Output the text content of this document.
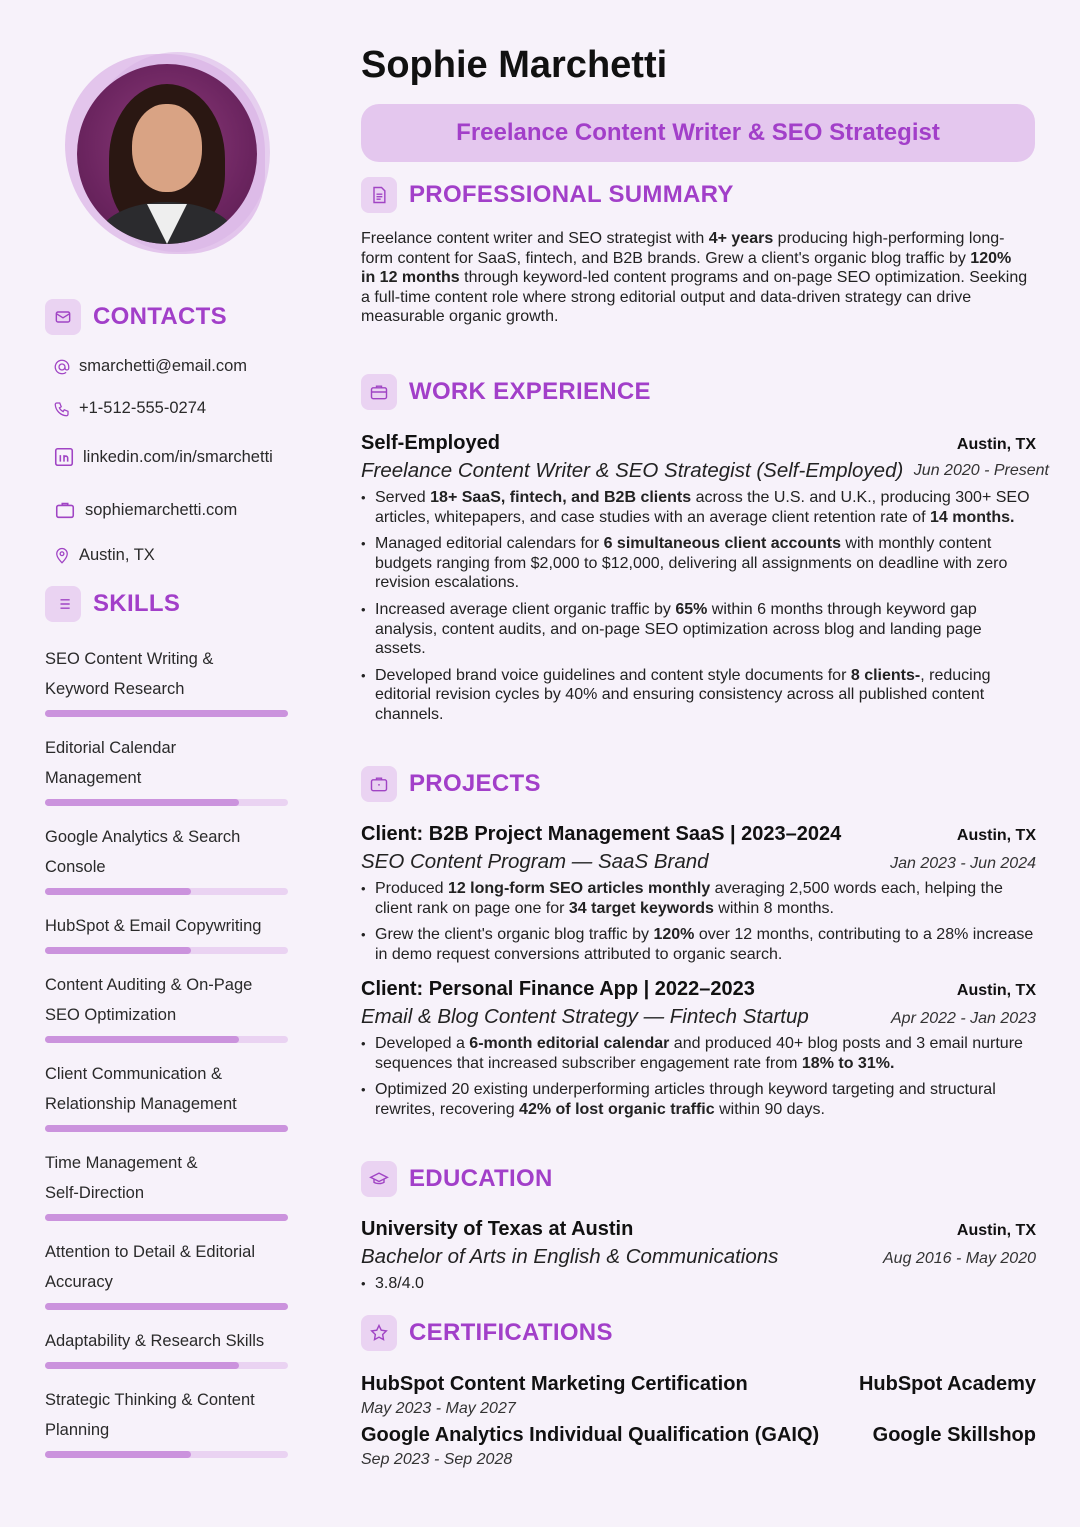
CONTACTS
smarchetti@email.com
+1-512-555-0274
linkedin.com/in/smarchetti
sophiemarchetti.com
Austin, TX
SKILLS
SEO Content Writing &
Keyword Research
Editorial Calendar
Management
Google Analytics & Search
Console
HubSpot & Email Copywriting
Content Auditing & On-Page
SEO Optimization
Client Communication &
Relationship Management
Time Management &
Self-Direction
Attention to Detail & Editorial
Accuracy
Adaptability & Research Skills
Strategic Thinking & Content
Planning
Sophie Marchetti
Freelance Content Writer & SEO Strategist
PROFESSIONAL SUMMARY
Freelance content writer and SEO strategist with 4+ years producing high-performing long-form content for SaaS, fintech, and B2B brands. Grew a client's organic blog traffic by 120% in 12 months through keyword-led content programs and on-page SEO optimization. Seeking a full-time content role where strong editorial output and data-driven strategy can drive measurable organic growth.
WORK EXPERIENCE
Self-Employed	Austin, TX
Freelance Content Writer & SEO Strategist (Self-Employed) Jun 2020 - Present
• Served 18+ SaaS, fintech, and B2B clients across the U.S. and U.K., producing 300+ SEO articles, whitepapers, and case studies with an average client retention rate of 14 months.
• Managed editorial calendars for 6 simultaneous client accounts with monthly content budgets ranging from $2,000 to $12,000, delivering all assignments on deadline with zero revision escalations.
• Increased average client organic traffic by 65% within 6 months through keyword gap analysis, content audits, and on-page SEO optimization across blog and landing page assets.
• Developed brand voice guidelines and content style documents for 8 clients-, reducing editorial revision cycles by 40% and ensuring consistency across all published content channels.
PROJECTS
Client: B2B Project Management SaaS | 2023–2024	Austin, TX
SEO Content Program — SaaS Brand	Jan 2023 - Jun 2024
• Produced 12 long-form SEO articles monthly averaging 2,500 words each, helping the client rank on page one for 34 target keywords within 8 months.
• Grew the client's organic blog traffic by 120% over 12 months, contributing to a 28% increase in demo request conversions attributed to organic search.
Client: Personal Finance App | 2022–2023	Austin, TX
Email & Blog Content Strategy — Fintech Startup	Apr 2022 - Jan 2023
• Developed a 6-month editorial calendar and produced 40+ blog posts and 3 email nurture sequences that increased subscriber engagement rate from 18% to 31%.
• Optimized 20 existing underperforming articles through keyword targeting and structural rewrites, recovering 42% of lost organic traffic within 90 days.
EDUCATION
University of Texas at Austin	Austin, TX
Bachelor of Arts in English & Communications	Aug 2016 - May 2020
• 3.8/4.0
CERTIFICATIONS
HubSpot Content Marketing Certification	HubSpot Academy
May 2023 - May 2027
Google Analytics Individual Qualification (GAIQ)	Google Skillshop
Sep 2023 - Sep 2028
